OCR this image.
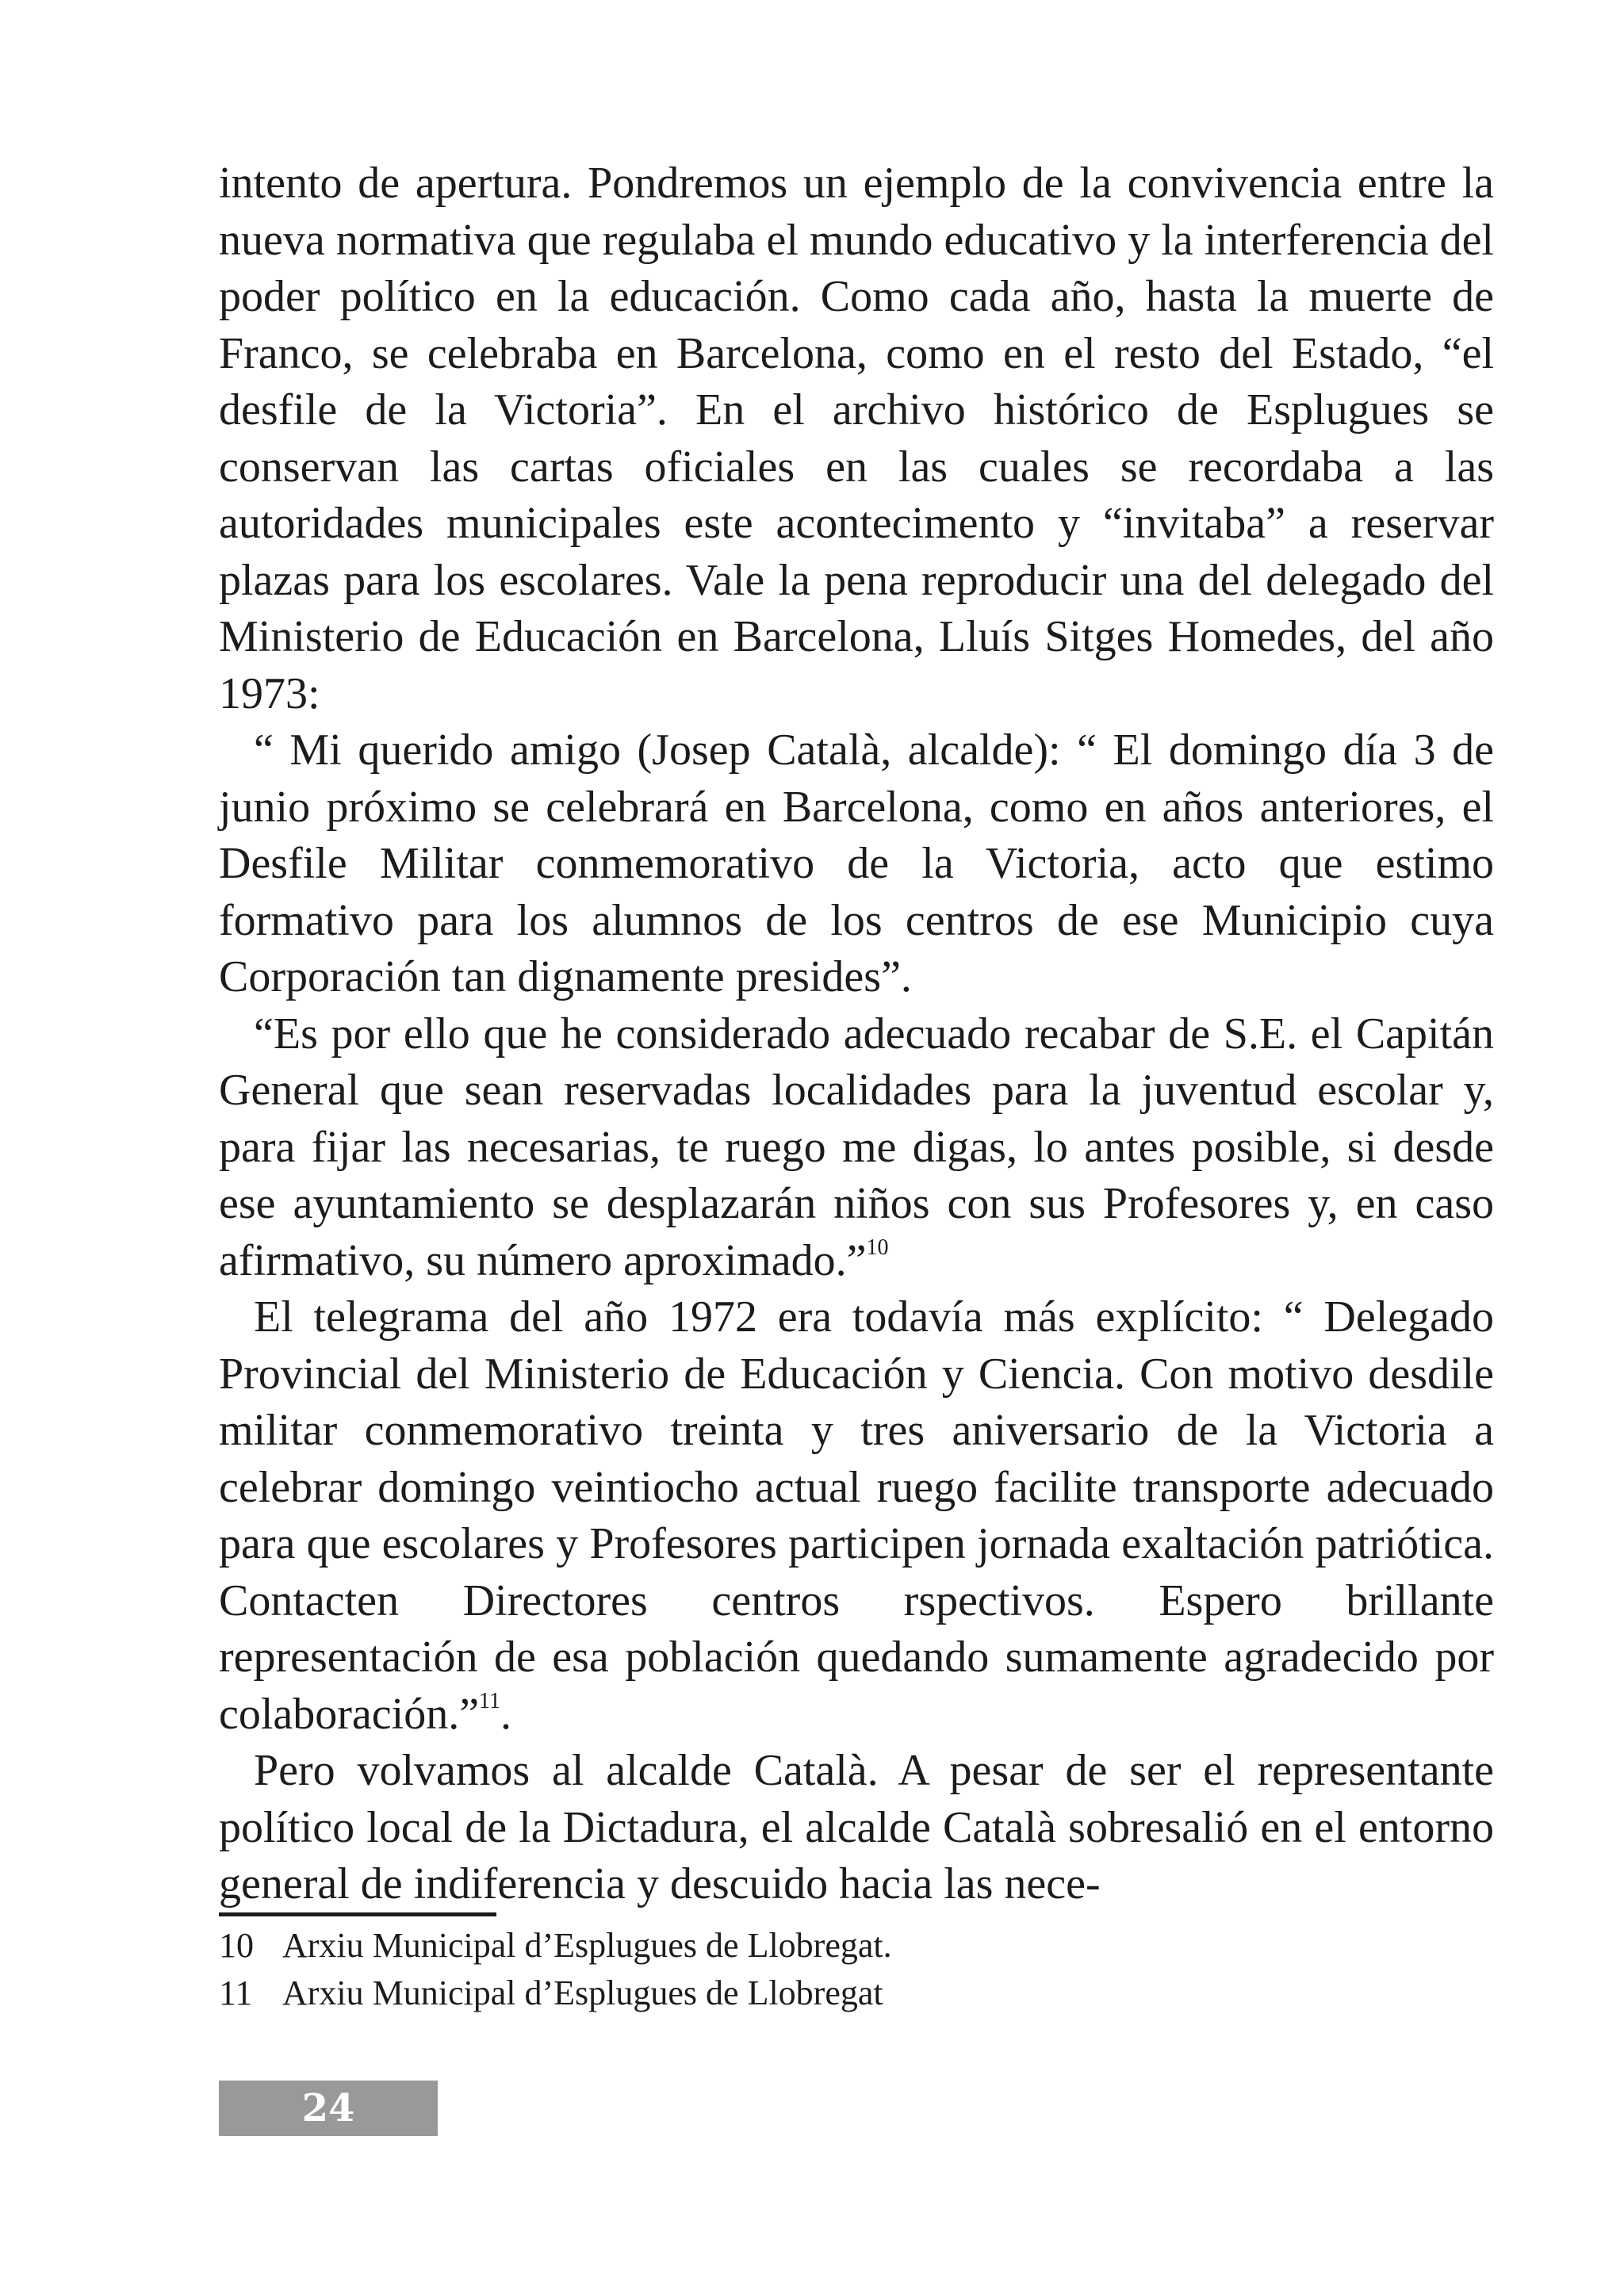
intento de apertura. Pondremos un ejemplo de la convivencia entre la nueva normativa que regulaba el mundo educativo y la interferencia del poder político en la educación. Como cada año, hasta la muerte de Franco, se celebraba en Barcelona, como en el resto del Estado, “el desfile de la Victoria”. En el archivo histórico de Esplugues se conservan las cartas oficiales en las cuales se recordaba a las autoridades municipales este acontecimento y “invitaba” a reservar plazas para los escolares. Vale la pena reproducir una del delegado del Ministerio de Educación en Barcelona, Lluís Sitges Homedes, del año 1973:

“ Mi querido amigo (Josep Català, alcalde): “ El domingo día 3 de junio próximo se celebrará en Barcelona, como en años anteriores, el Desfile Militar conmemorativo de la Victoria, acto que estimo formativo para los alumnos de los centros de ese Municipio cuya Corporación tan dignamente presides”.

“Es por ello que he considerado adecuado recabar de S.E. el Capitán General que sean reservadas localidades para la juventud escolar y, para fijar las necesarias, te ruego me digas, lo antes posible, si desde ese ayuntamiento se desplazarán niños con sus Profesores y, en caso afirmativo, su número aproximado.”$^{10}$

El telegrama del año 1972 era todavía más explícito: “ Delegado Provincial del Ministerio de Educación y Ciencia. Con motivo desdile militar conmemorativo treinta y tres aniversario de la Victoria a celebrar domingo veintiocho actual ruego facilite transporte adecuado para que escolares y Profesores participen jornada exaltación patriótica. Contacten Directores centros rspectivos. Espero brillante representación de esa población quedando sumamente agradecido por colaboración.”$^{11}$.

Pero volvamos al alcalde Català. A pesar de ser el representante político local de la Dictadura, el alcalde Català sobresalió en el entorno general de indiferencia y descuido hacia las nece-

10 Arxiu Municipal d’Esplugues de Llobregat.
11 Arxiu Municipal d’Esplugues de Llobregat
24
